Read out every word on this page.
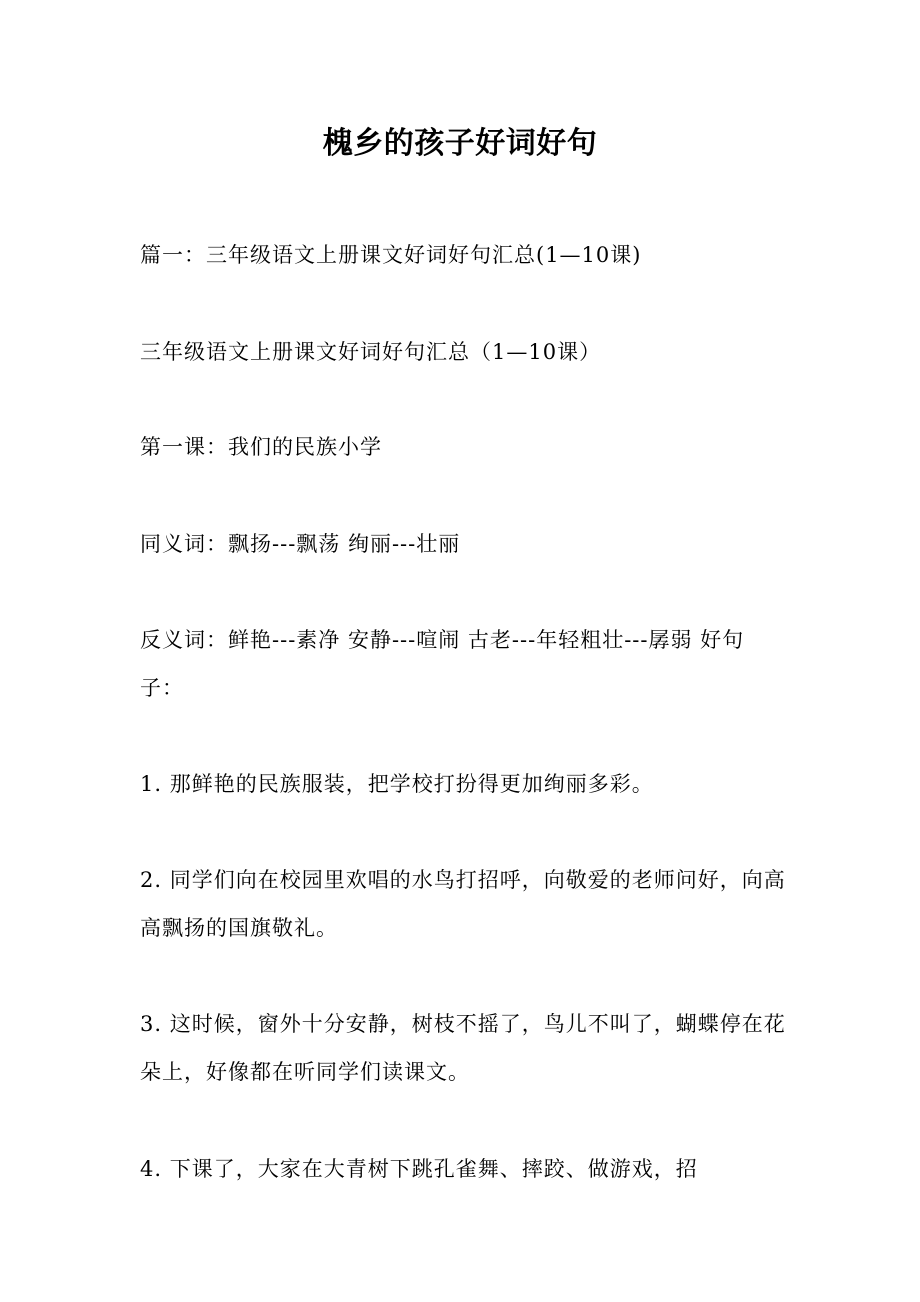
槐乡的孩子好词好句
篇一：三年级语文上册课文好词好句汇总(1—10课)
三年级语文上册课文好词好句汇总（1—10课）
第一课：我们的民族小学
同义词：飘扬---飘荡 绚丽---壮丽
反义词：鲜艳---素净 安静---喧闹 古老---年轻粗壮---孱弱 好句子：
1. 那鲜艳的民族服装，把学校打扮得更加绚丽多彩。
2. 同学们向在校园里欢唱的水鸟打招呼，向敬爱的老师问好，向高高飘扬的国旗敬礼。
3. 这时候，窗外十分安静，树枝不摇了，鸟儿不叫了，蝴蝶停在花朵上，好像都在听同学们读课文。
4. 下课了，大家在大青树下跳孔雀舞、摔跤、做游戏，招
